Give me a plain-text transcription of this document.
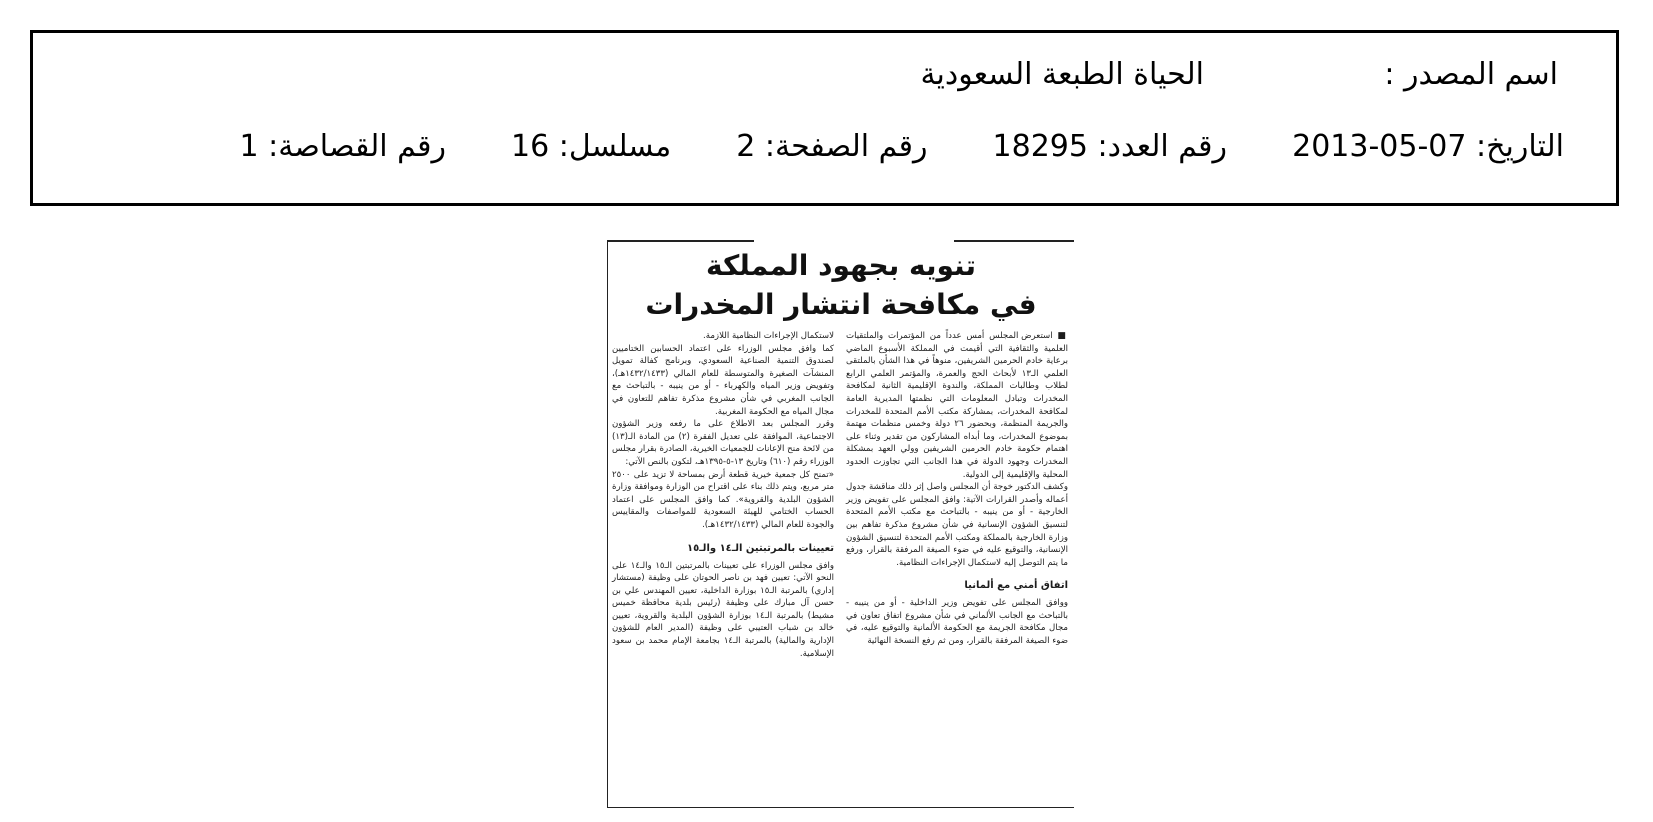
اسم المصدر :
الحياة الطبعة السعودية
التاريخ: 2013-05-07  رقم العدد: 18295  رقم الصفحة: 2  مسلسل: 16  رقم القصاصة: 1
تنويه بجهود المملكة
في مكافحة انتشار المخدرات

■ استعرض المجلس أمس عدداً من المؤتمرات والملتقيات العلمية والثقافية التي أقيمت في المملكة الأسبوع الماضي برعاية خادم الحرمين الشريفين، منوهاً في هذا الشأن بالملتقى العلمي الـ١٣ لأبحاث الحج والعمرة، والمؤتمر العلمي الرابع لطلاب وطالبات المملكة، والندوة الإقليمية الثانية لمكافحة المخدرات وتبادل المعلومات التي نظمتها المديرية العامة لمكافحة المخدرات، بمشاركة مكتب الأمم المتحدة للمخدرات والجريمة المنظمة، وبحضور ٢٦ دولة وخمس منظمات مهتمة بموضوع المخدرات، وما أبداه المشاركون من تقدير وثناء على اهتمام حكومة خادم الحرمين الشريفين وولي العهد بمشكلة المخدرات وجهود الدولة في هذا الجانب التي تجاوزت الحدود المحلية والإقليمية إلى الدولية.

وكشف الدكتور خوجة أن المجلس واصل إثر ذلك مناقشة جدول أعماله وأصدر القرارات الآتية: وافق المجلس على تفويض وزير الخارجية - أو من ينيبه - بالتباحث مع مكتب الأمم المتحدة لتنسيق الشؤون الإنسانية في شأن مشروع مذكرة تفاهم بين وزارة الخارجية بالمملكة ومكتب الأمم المتحدة لتنسيق الشؤون الإنسانية، والتوقيع عليه في ضوء الصيغة المرفقة بالقرار، ورفع ما يتم التوصل إليه لاستكمال الإجراءات النظامية.

اتفاق أمني مع ألمانيا

ووافق المجلس على تفويض وزير الداخلية - أو من ينيبه - بالتباحث مع الجانب الألماني في شأن مشروع اتفاق تعاون في مجال مكافحة الجريمة مع الحكومة الألمانية والتوقيع عليه، في ضوء الصيغة المرفقة بالقرار، ومن ثم رفع النسخة النهائية

لاستكمال الإجراءات النظامية اللازمة.

كما وافق مجلس الوزراء على اعتماد الحسابين الختاميين لصندوق التنمية الصناعية السعودي، وبرنامج كفالة تمويل المنشآت الصغيرة والمتوسطة للعام المالي (١٤٣٢/١٤٣٣هـ)، وتفويض وزير المياه والكهرباء - أو من ينيبه - بالتباحث مع الجانب المغربي في شأن مشروع مذكرة تفاهم للتعاون في مجال المياه مع الحكومة المغربية.

وقرر المجلس بعد الاطلاع على ما رفعه وزير الشؤون الاجتماعية، الموافقة على تعديل الفقرة (٢) من المادة الـ(١٣) من لائحة منح الإعانات للجمعيات الخيرية، الصادرة بقرار مجلس الوزراء رقم (٦١٠) وتاريخ ١٣-٥-١٣٩٥هـ، لتكون بالنص الآتي:

«تمنح كل جمعية خيرية قطعة أرض بمساحة لا تزيد على ٢٥٠٠ متر مربع، ويتم ذلك بناء على اقتراح من الوزارة وموافقة وزارة الشؤون البلدية والقروية». كما وافق المجلس على اعتماد الحساب الختامي للهيئة السعودية للمواصفات والمقاييس والجودة للعام المالي (١٤٣٢/١٤٣٣هـ).

تعيينات بالمرتبتين الـ١٤ والـ١٥

وافق مجلس الوزراء على تعيينات بالمرتبتين الـ١٥ والـ١٤ على النحو الآتي: تعيين فهد بن ناصر الحوتان على وظيفة (مستشار إداري) بالمرتبة الـ١٥ بوزارة الداخلية، تعيين المهندس علي بن حسن آل مبارك على وظيفة (رئيس بلدية محافظة خميس مشيط) بالمرتبة الـ١٤ بوزارة الشؤون البلدية والقروية، تعيين خالد بن شباب العتيبي على وظيفة (المدير العام للشؤون الإدارية والمالية) بالمرتبة الـ١٤ بجامعة الإمام محمد بن سعود الإسلامية.
